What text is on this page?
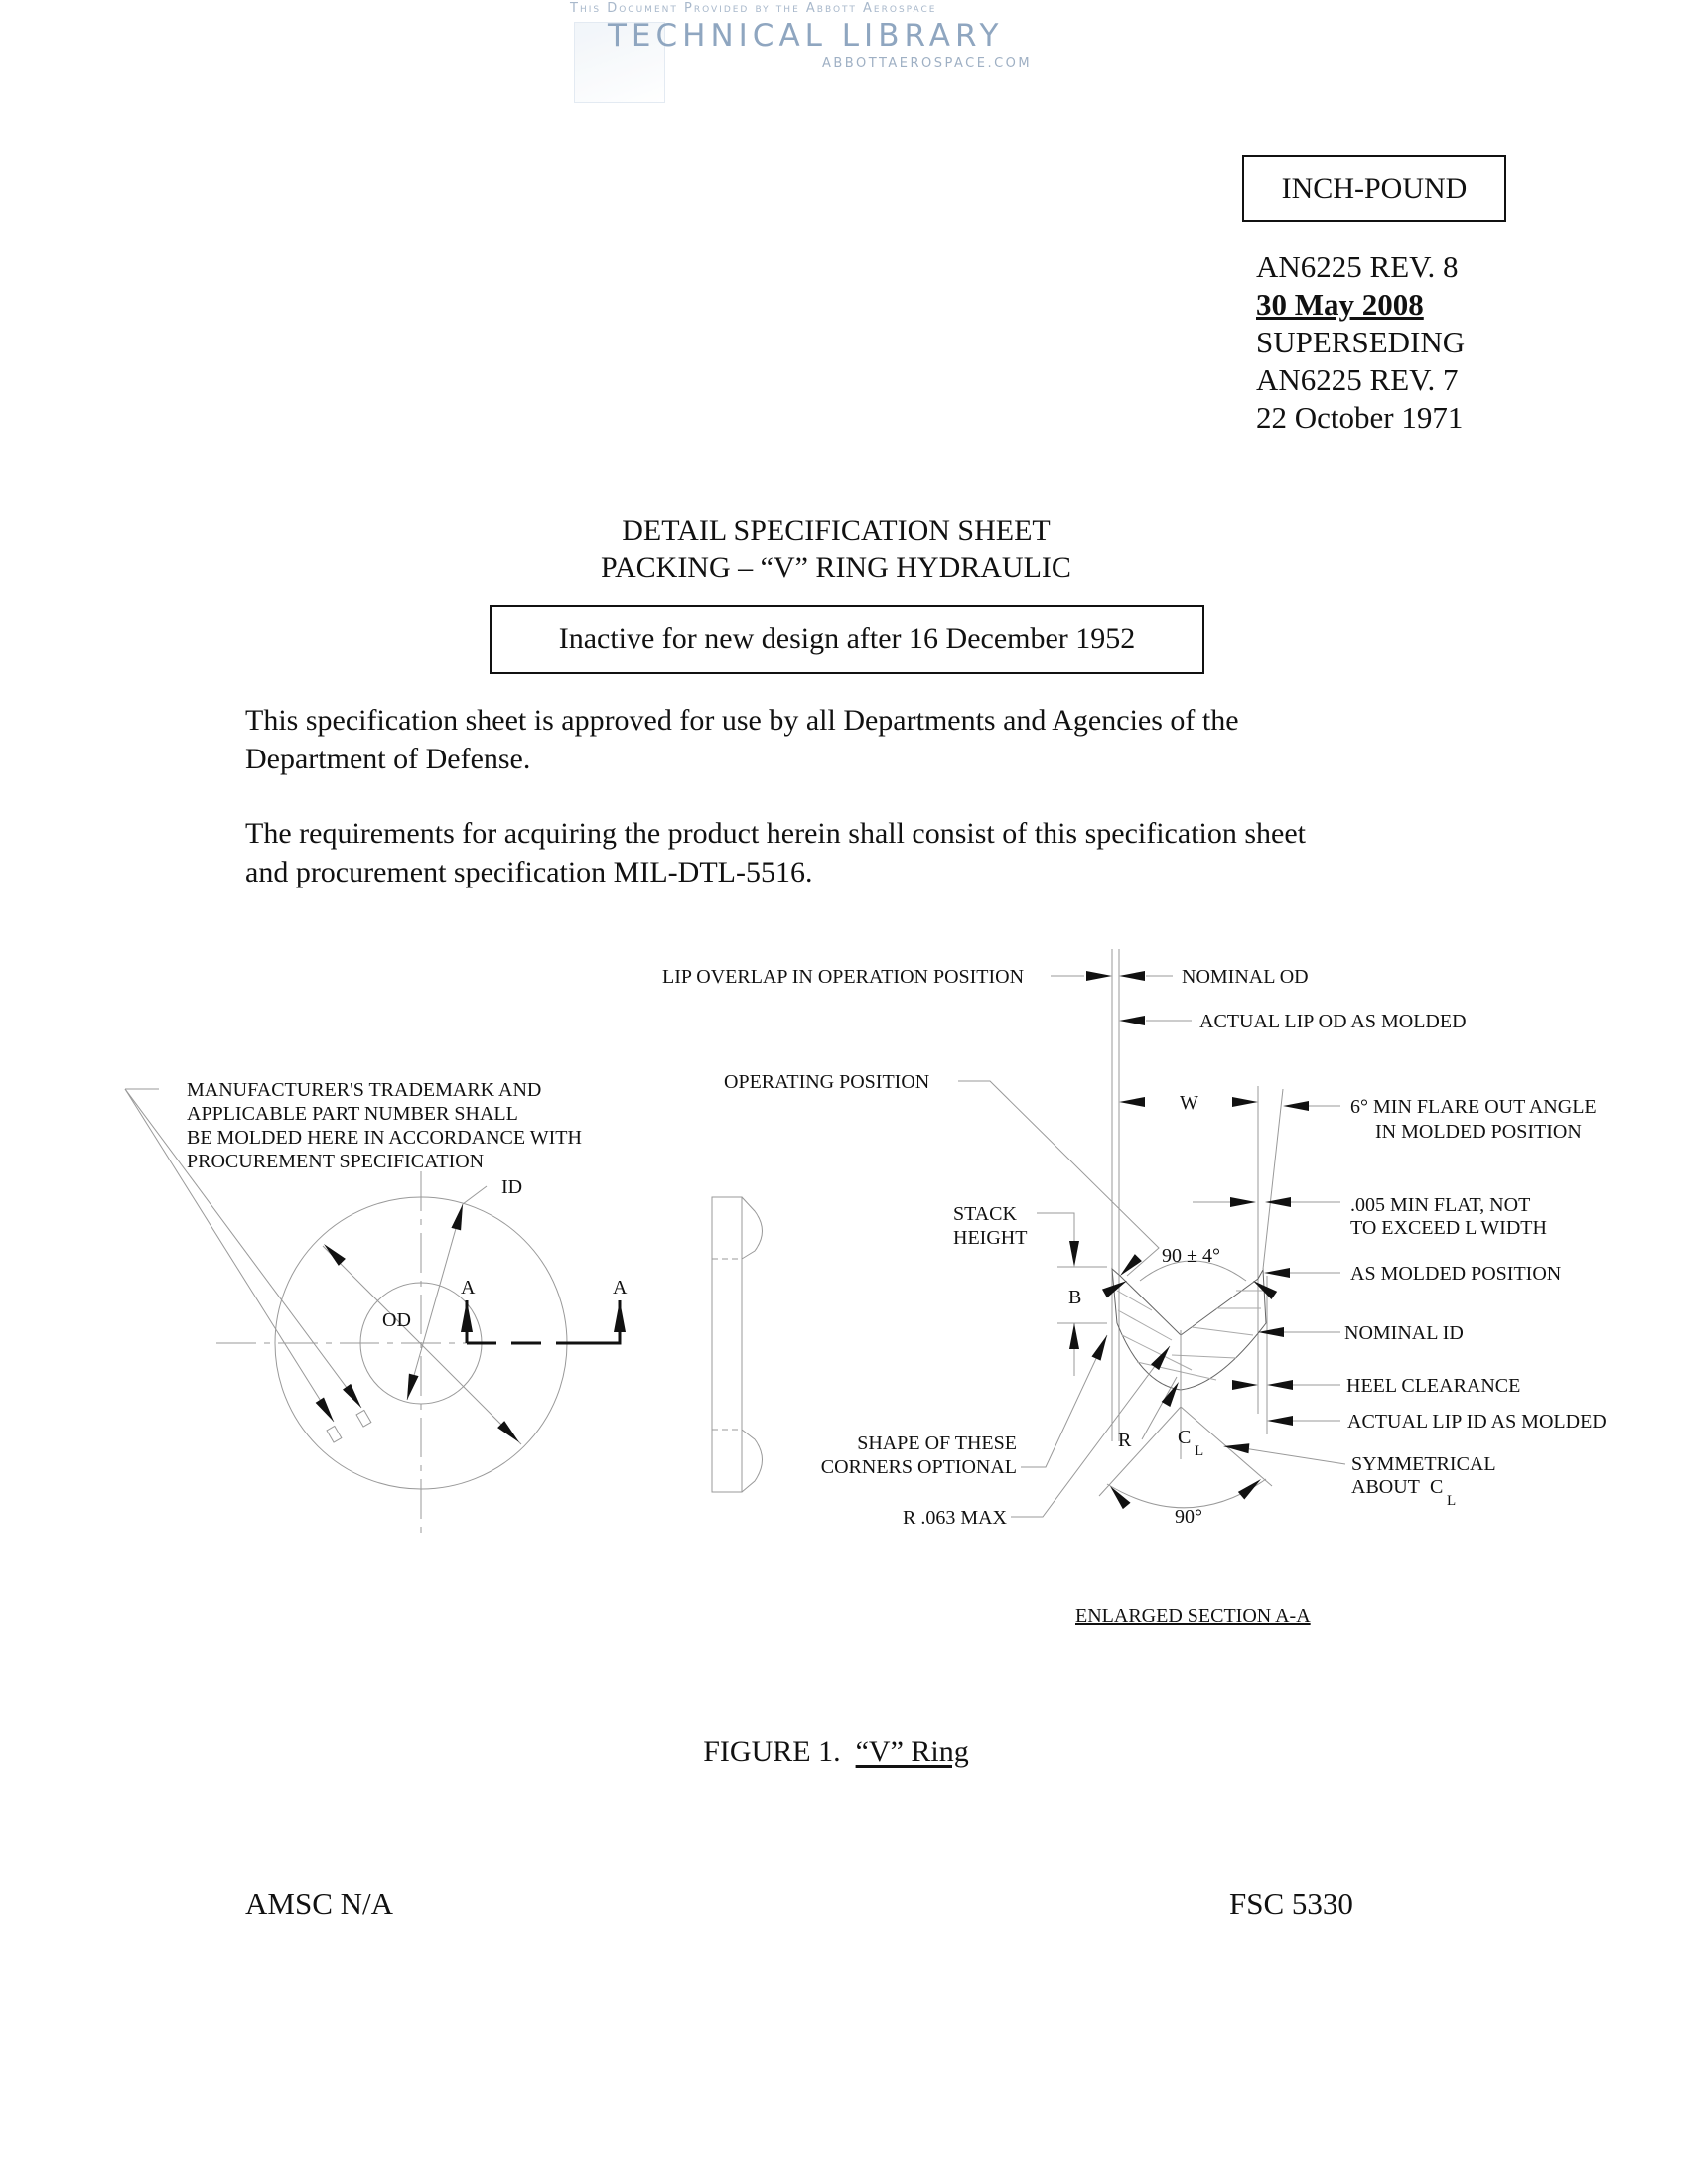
This Document Provided by the Abbott Aerospace
TECHNICAL LIBRARY
ABBOTTAEROSPACE.COM
INCH-POUND
AN6225 REV. 8
30 May 2008
SUPERSEDING
AN6225 REV. 7
22 October 1971
DETAIL SPECIFICATION SHEET
PACKING – “V” RING HYDRAULIC
Inactive for new design after 16 December 1952
This specification sheet is approved for use by all Departments and Agencies of the
Department of Defense.
The requirements for acquiring the product herein shall consist of this specification sheet
and procurement specification MIL-DTL-5516.
MANUFACTURER'S TRADEMARK AND
APPLICABLE PART NUMBER SHALL
BE MOLDED HERE IN ACCORDANCE WITH
PROCUREMENT SPECIFICATION
ID
OD
A	A
LIP OVERLAP IN OPERATION POSITION	NOMINAL OD
ACTUAL LIP OD AS MOLDED
OPERATING POSITION
W	6° MIN FLARE OUT ANGLE
IN MOLDED POSITION
.005 MIN FLAT, NOT
TO EXCEED L WIDTH
STACK
HEIGHT
B
90 ± 4°
AS MOLDED POSITION
NOMINAL ID
HEEL CLEARANCE
ACTUAL LIP ID AS MOLDED
R C
L
SYMMETRICAL
ABOUT C
L
SHAPE OF THESE
CORNERS OPTIONAL
R .063 MAX	90°
ENLARGED SECTION A-A
FIGURE 1. “V” Ring
AMSC N/A	FSC 5330
